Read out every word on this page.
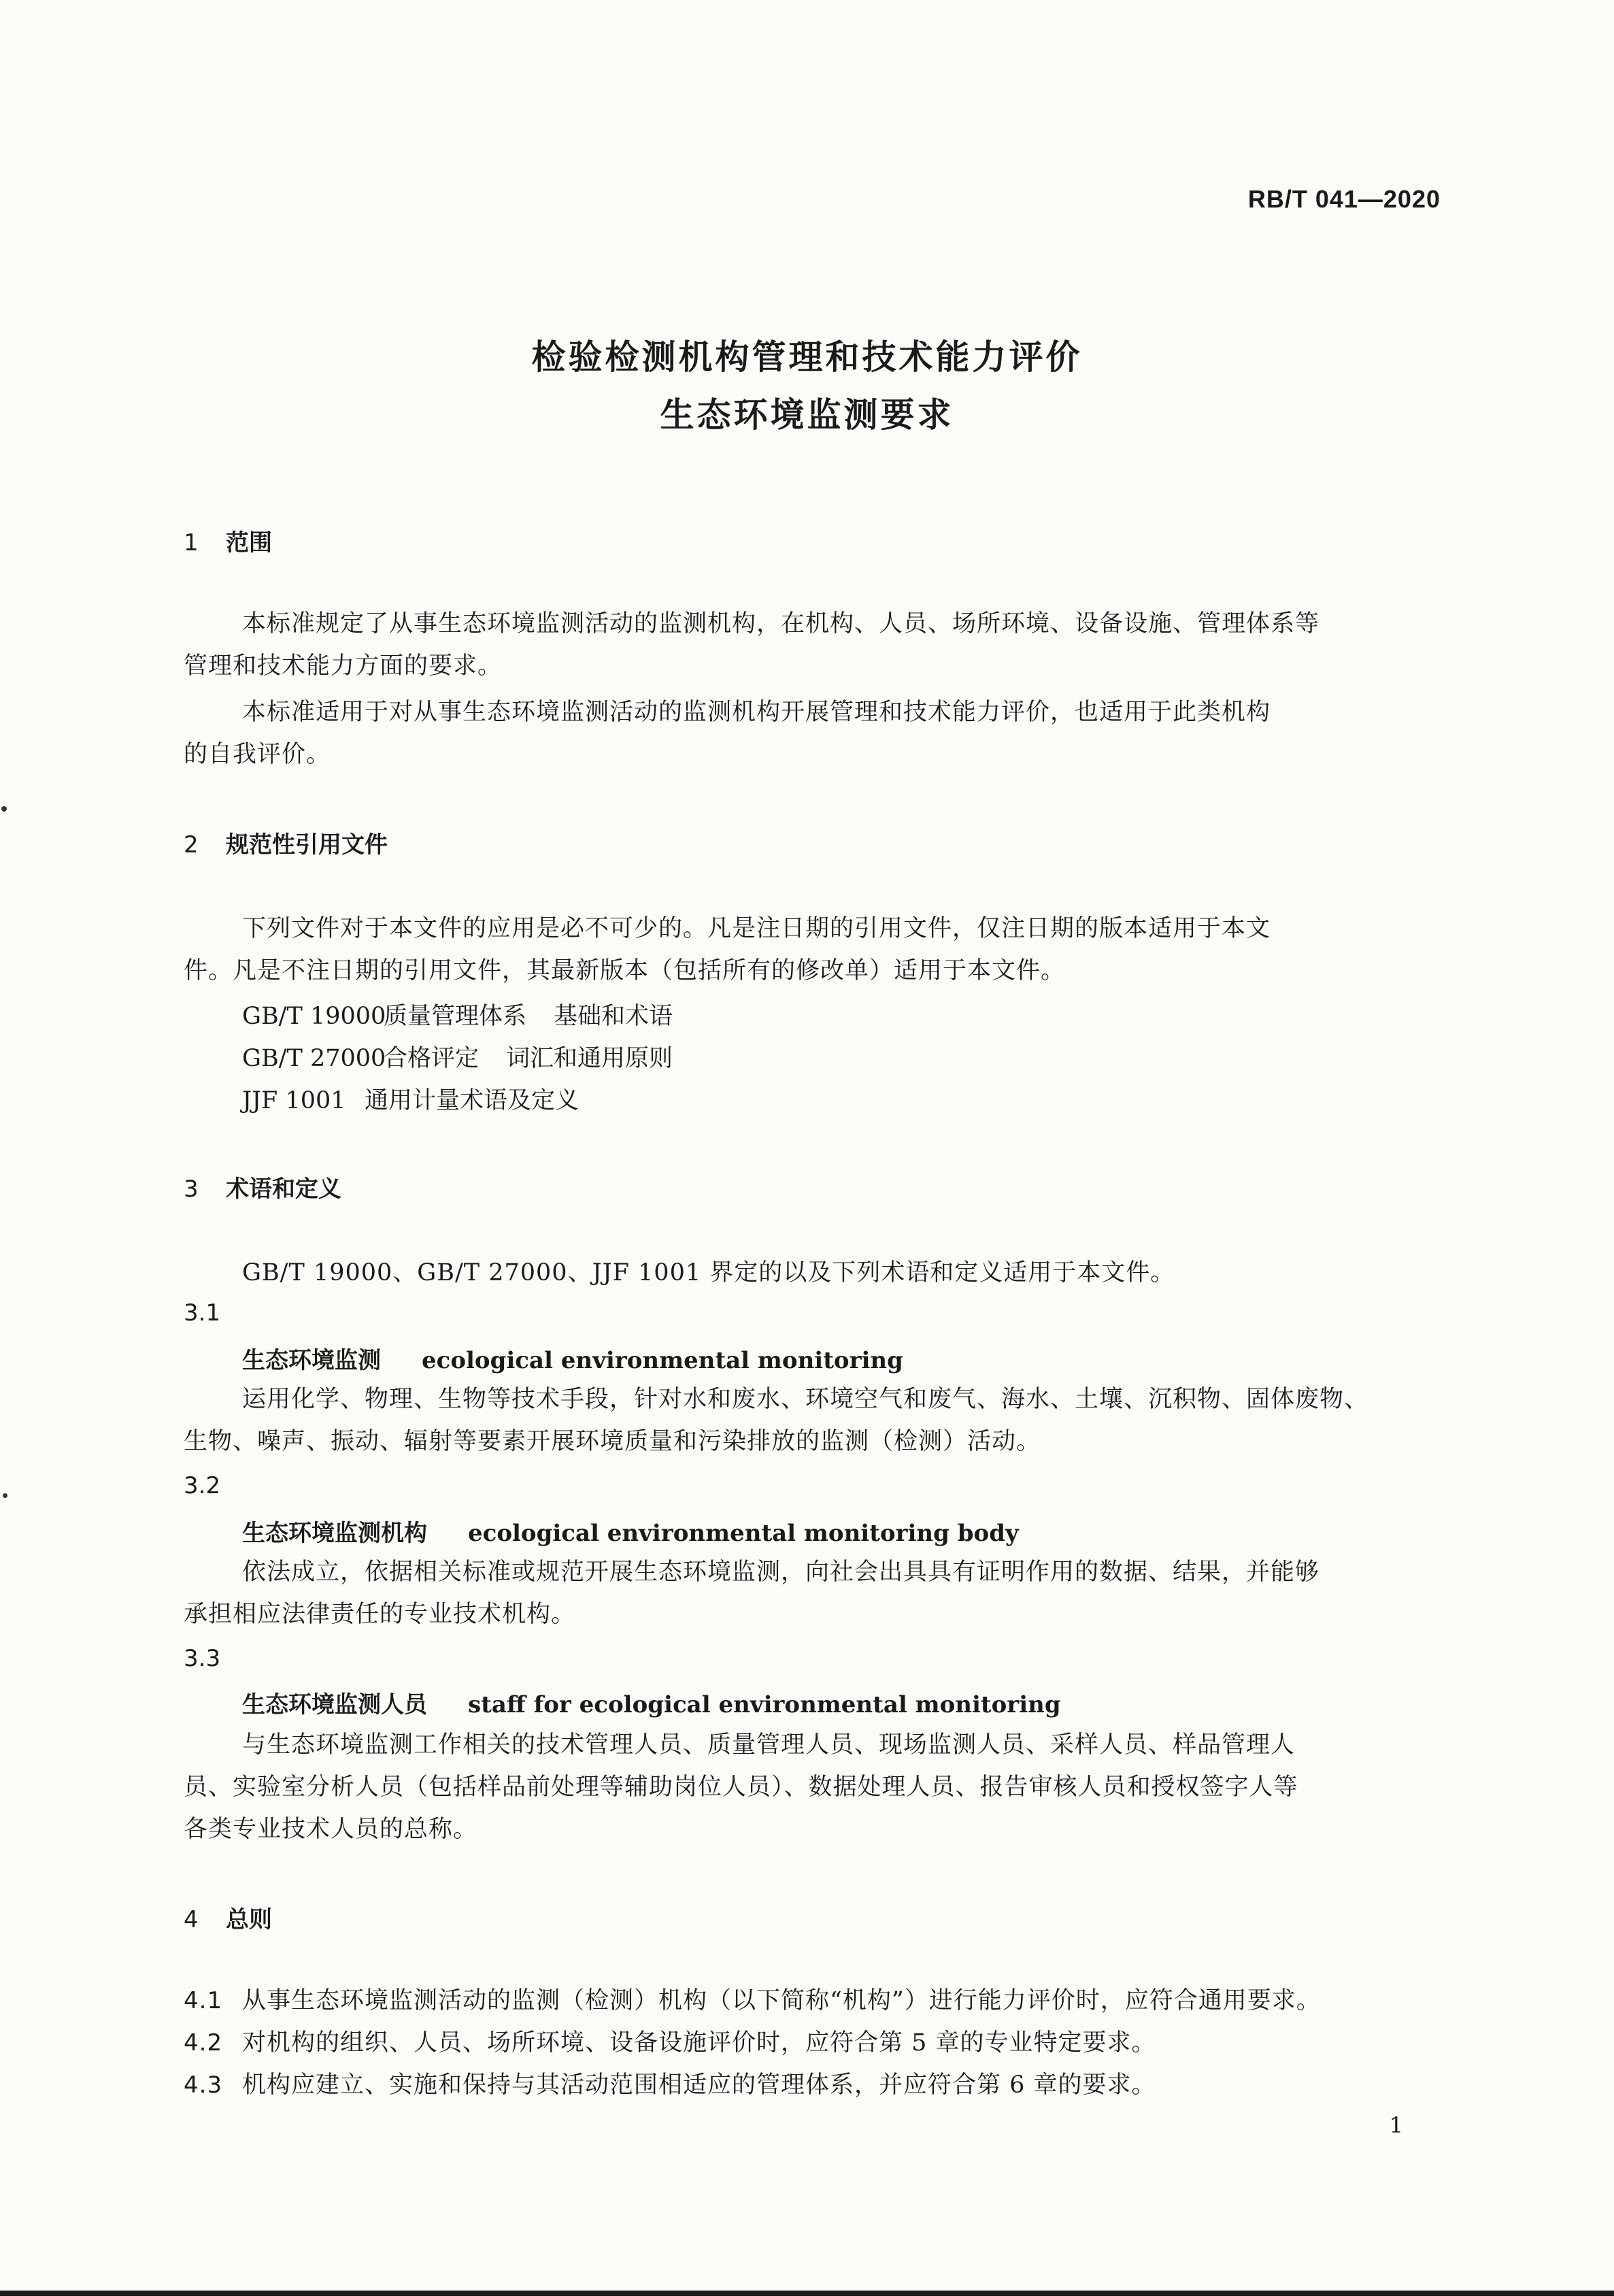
RB/T 041—2020
检验检测机构管理和技术能力评价
生态环境监测要求
1 范围
本标准规定了从事生态环境监测活动的监测机构，在机构、人员、场所环境、设备设施、管理体系等
管理和技术能力方面的要求。
本标准适用于对从事生态环境监测活动的监测机构开展管理和技术能力评价，也适用于此类机构
的自我评价。
2 规范性引用文件
下列文件对于本文件的应用是必不可少的。凡是注日期的引用文件，仅注日期的版本适用于本文
件。凡是不注日期的引用文件，其最新版本（包括所有的修改单）适用于本文件。
GB/T 19000质量管理体系 基础和术语
GB/T 27000合格评定 词汇和通用原则
JJF 1001 通用计量术语及定义
3 术语和定义
GB/T 19000、GB/T 27000、JJF 1001 界定的以及下列术语和定义适用于本文件。
3.1
生态环境监测 ecological environmental monitoring
运用化学、物理、生物等技术手段，针对水和废水、环境空气和废气、海水、土壤、沉积物、固体废物、
生物、噪声、振动、辐射等要素开展环境质量和污染排放的监测（检测）活动。
3.2
生态环境监测机构 ecological environmental monitoring body
依法成立，依据相关标准或规范开展生态环境监测，向社会出具具有证明作用的数据、结果，并能够
承担相应法律责任的专业技术机构。
3.3
生态环境监测人员 staff for ecological environmental monitoring
与生态环境监测工作相关的技术管理人员、质量管理人员、现场监测人员、采样人员、样品管理人
员、实验室分析人员（包括样品前处理等辅助岗位人员）、数据处理人员、报告审核人员和授权签字人等
各类专业技术人员的总称。
4 总则
4.1 从事生态环境监测活动的监测（检测）机构（以下简称“机构”）进行能力评价时，应符合通用要求。
4.2 对机构的组织、人员、场所环境、设备设施评价时，应符合第 5 章的专业特定要求。
4.3 机构应建立、实施和保持与其活动范围相适应的管理体系，并应符合第 6 章的要求。
1
